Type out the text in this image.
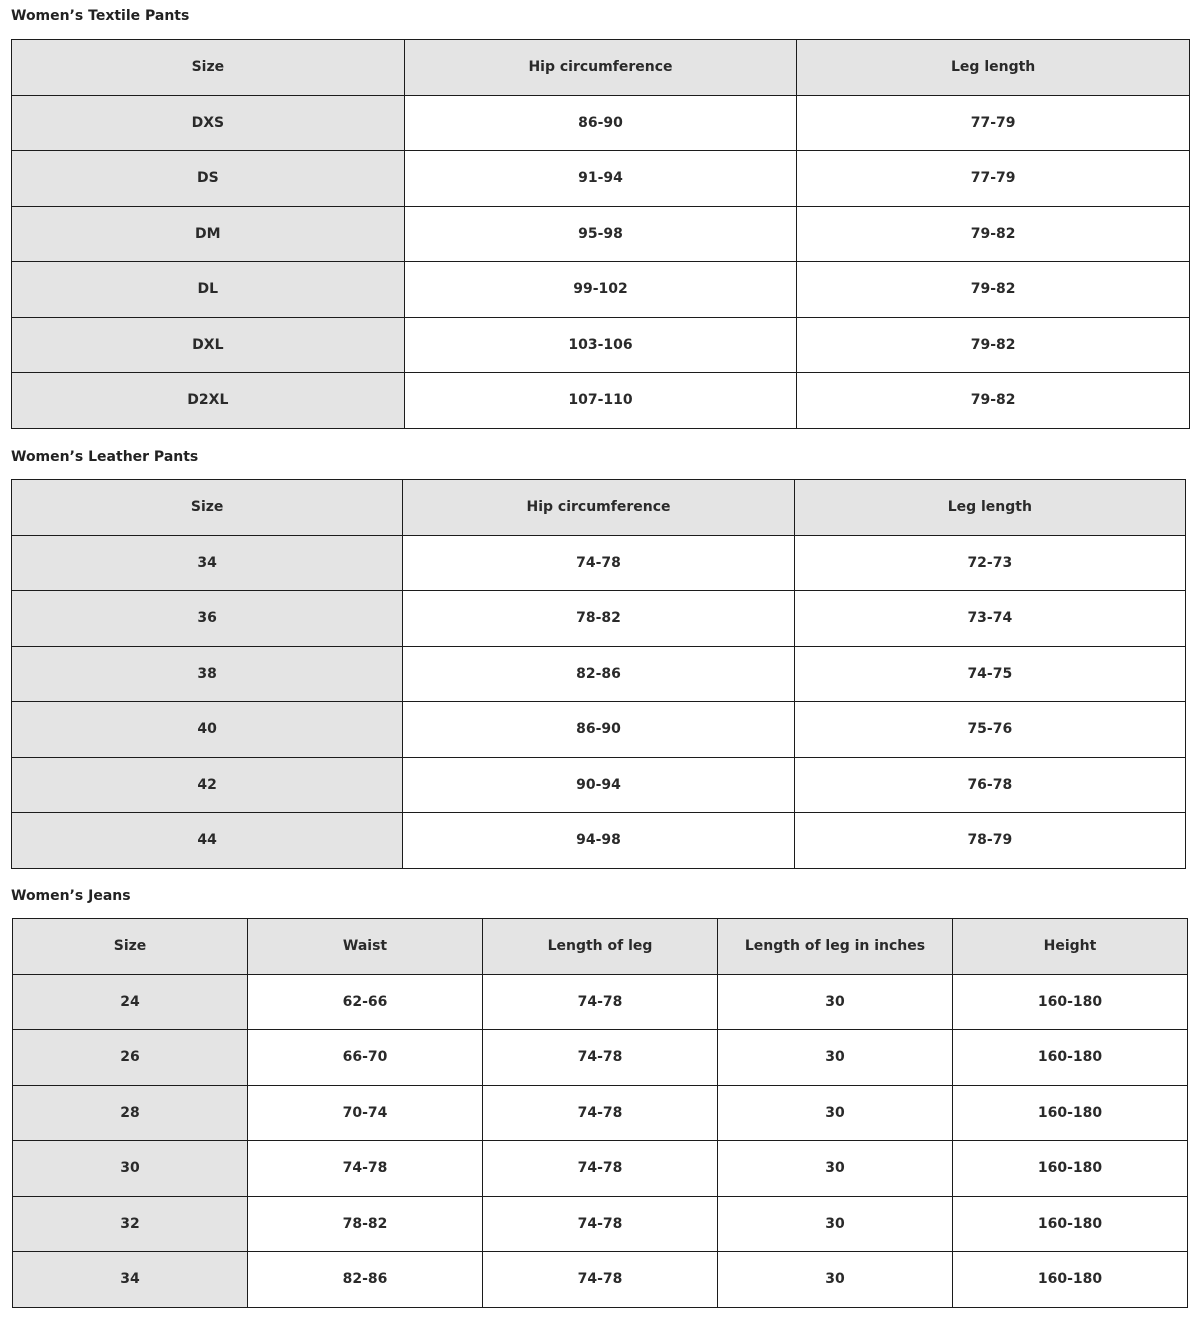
Women’s Textile Pants
Size	Hip circumference	Leg length
DXS	86-90	77-79
DS	91-94	77-79
DM	95-98	79-82
DL	99-102	79-82
DXL	103-106	79-82
D2XL	107-110	79-82
Women’s Leather Pants
Size	Hip circumference	Leg length
34	74-78	72-73
36	78-82	73-74
38	82-86	74-75
40	86-90	75-76
42	90-94	76-78
44	94-98	78-79
Women’s Jeans
Size	Waist	Length of leg	Length of leg in inches	Height
24	62-66	74-78	30	160-180
26	66-70	74-78	30	160-180
28	70-74	74-78	30	160-180
30	74-78	74-78	30	160-180
32	78-82	74-78	30	160-180
34	82-86	74-78	30	160-180
